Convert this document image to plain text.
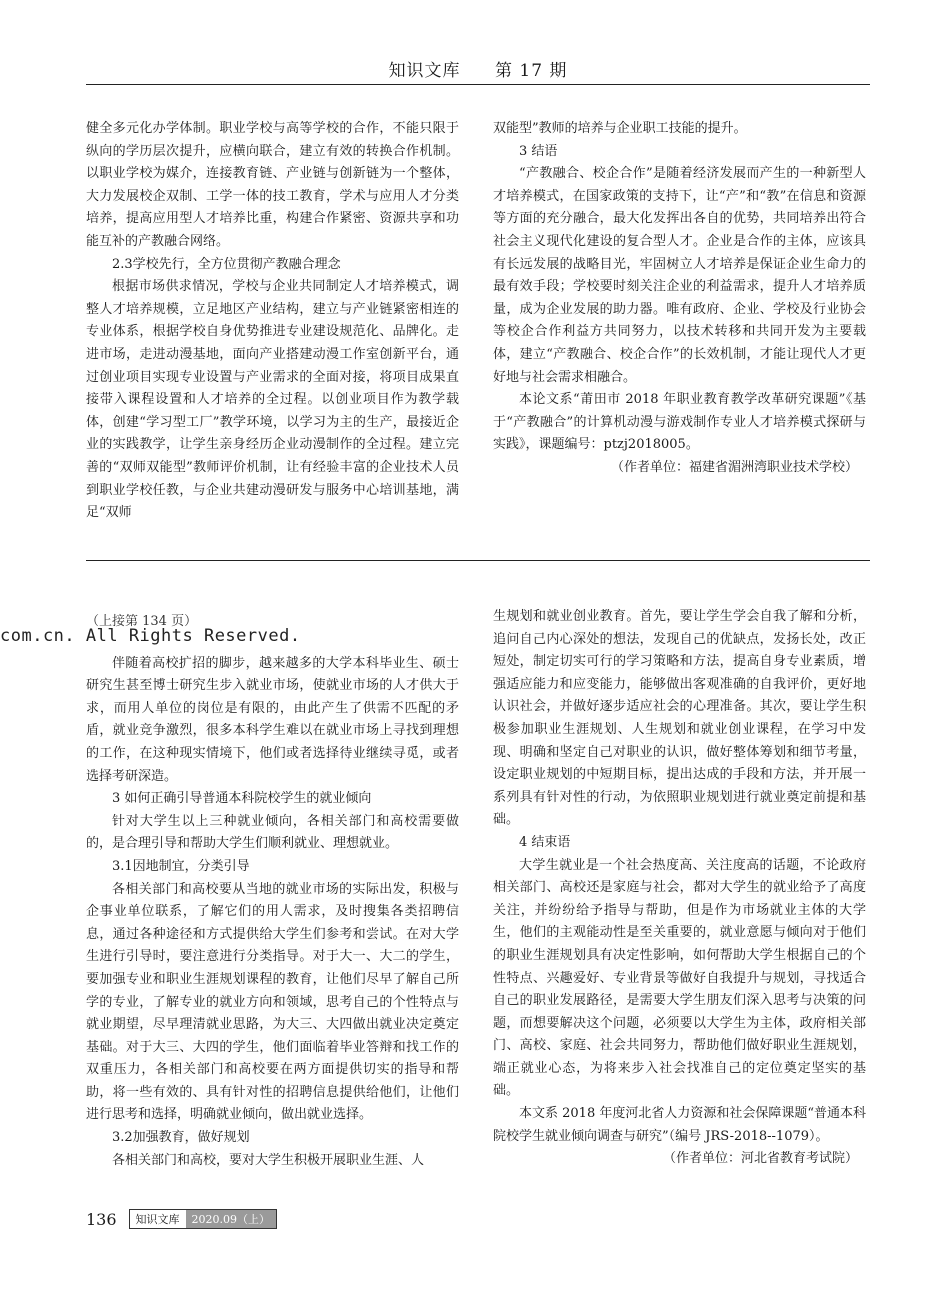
知识文库 第 17 期

健全多元化办学体制。职业学校与高等学校的合作，不能只限于纵向的学历层次提升，应横向联合，建立有效的转换合作机制。以职业学校为媒介，连接教育链、产业链与创新链为一个整体，大力发展校企双制、工学一体的技工教育，学术与应用人才分类培养，提高应用型人才培养比重，构建合作紧密、资源共享和功能互补的产教融合网络。

2.3学校先行，全方位贯彻产教融合理念

根据市场供求情况，学校与企业共同制定人才培养模式，调整人才培养规模，立足地区产业结构，建立与产业链紧密相连的专业体系，根据学校自身优势推进专业建设规范化、品牌化。走进市场，走进动漫基地，面向产业搭建动漫工作室创新平台，通过创业项目实现专业设置与产业需求的全面对接，将项目成果直接带入课程设置和人才培养的全过程。以创业项目作为教学载体，创建“学习型工厂”教学环境，以学习为主的生产，最接近企业的实践教学，让学生亲身经历企业动漫制作的全过程。建立完善的“双师双能型”教师评价机制，让有经验丰富的企业技术人员到职业学校任教，与企业共建动漫研发与服务中心培训基地，满足“双师

双能型”教师的培养与企业职工技能的提升。

3 结语

“产教融合、校企合作”是随着经济发展而产生的一种新型人才培养模式，在国家政策的支持下，让“产”和“教”在信息和资源等方面的充分融合，最大化发挥出各自的优势，共同培养出符合社会主义现代化建设的复合型人才。企业是合作的主体，应该具有长远发展的战略目光，牢固树立人才培养是保证企业生命力的最有效手段；学校要时刻关注企业的利益需求，提升人才培养质量，成为企业发展的助力器。唯有政府、企业、学校及行业协会等校企合作利益方共同努力，以技术转移和共同开发为主要载体，建立“产教融合、校企合作”的长效机制，才能让现代人才更好地与社会需求相融合。

本论文系“莆田市 2018 年职业教育教学改革研究课题”《基于“产教融合”的计算机动漫与游戏制作专业人才培养模式探研与实践》，课题编号：ptzj2018005。

（作者单位：福建省湄洲湾职业技术学校）

（上接第 134 页）
com.cn. All Rights Reserved.

伴随着高校扩招的脚步，越来越多的大学本科毕业生、硕士研究生甚至博士研究生步入就业市场，使就业市场的人才供大于求，而用人单位的岗位是有限的，由此产生了供需不匹配的矛盾，就业竞争激烈，很多本科学生难以在就业市场上寻找到理想的工作，在这种现实情境下，他们或者选择待业继续寻觅，或者选择考研深造。

3 如何正确引导普通本科院校学生的就业倾向

针对大学生以上三种就业倾向，各相关部门和高校需要做的，是合理引导和帮助大学生们顺利就业、理想就业。

3.1因地制宜，分类引导

各相关部门和高校要从当地的就业市场的实际出发，积极与企事业单位联系，了解它们的用人需求，及时搜集各类招聘信息，通过各种途径和方式提供给大学生们参考和尝试。在对大学生进行引导时，要注意进行分类指导。对于大一、大二的学生，要加强专业和职业生涯规划课程的教育，让他们尽早了解自己所学的专业，了解专业的就业方向和领域，思考自己的个性特点与就业期望，尽早理清就业思路，为大三、大四做出就业决定奠定基础。对于大三、大四的学生，他们面临着毕业答辩和找工作的双重压力，各相关部门和高校要在两方面提供切实的指导和帮助，将一些有效的、具有针对性的招聘信息提供给他们，让他们进行思考和选择，明确就业倾向，做出就业选择。

3.2加强教育，做好规划

各相关部门和高校，要对大学生积极开展职业生涯、人

生规划和就业创业教育。首先，要让学生学会自我了解和分析，追问自己内心深处的想法，发现自己的优缺点，发扬长处，改正短处，制定切实可行的学习策略和方法，提高自身专业素质，增强适应能力和应变能力，能够做出客观准确的自我评价，更好地认识社会，并做好逐步适应社会的心理准备。其次，要让学生积极参加职业生涯规划、人生规划和就业创业课程，在学习中发现、明确和坚定自己对职业的认识，做好整体筹划和细节考量，设定职业规划的中短期目标，提出达成的手段和方法，并开展一系列具有针对性的行动，为依照职业规划进行就业奠定前提和基础。

4 结束语

大学生就业是一个社会热度高、关注度高的话题，不论政府相关部门、高校还是家庭与社会，都对大学生的就业给予了高度关注，并纷纷给予指导与帮助，但是作为市场就业主体的大学生，他们的主观能动性是至关重要的，就业意愿与倾向对于他们的职业生涯规划具有决定性影响，如何帮助大学生根据自己的个性特点、兴趣爱好、专业背景等做好自我提升与规划，寻找适合自己的职业发展路径，是需要大学生朋友们深入思考与决策的问题，而想要解决这个问题，必须要以大学生为主体，政府相关部门、高校、家庭、社会共同努力，帮助他们做好职业生涯规划，端正就业心态，为将来步入社会找准自己的定位奠定坚实的基础。

本文系 2018 年度河北省人力资源和社会保障课题“普通本科院校学生就业倾向调查与研究”（编号 JRS-2018--1079）。

（作者单位：河北省教育考试院）

136	知识文库	2020.09（上）
